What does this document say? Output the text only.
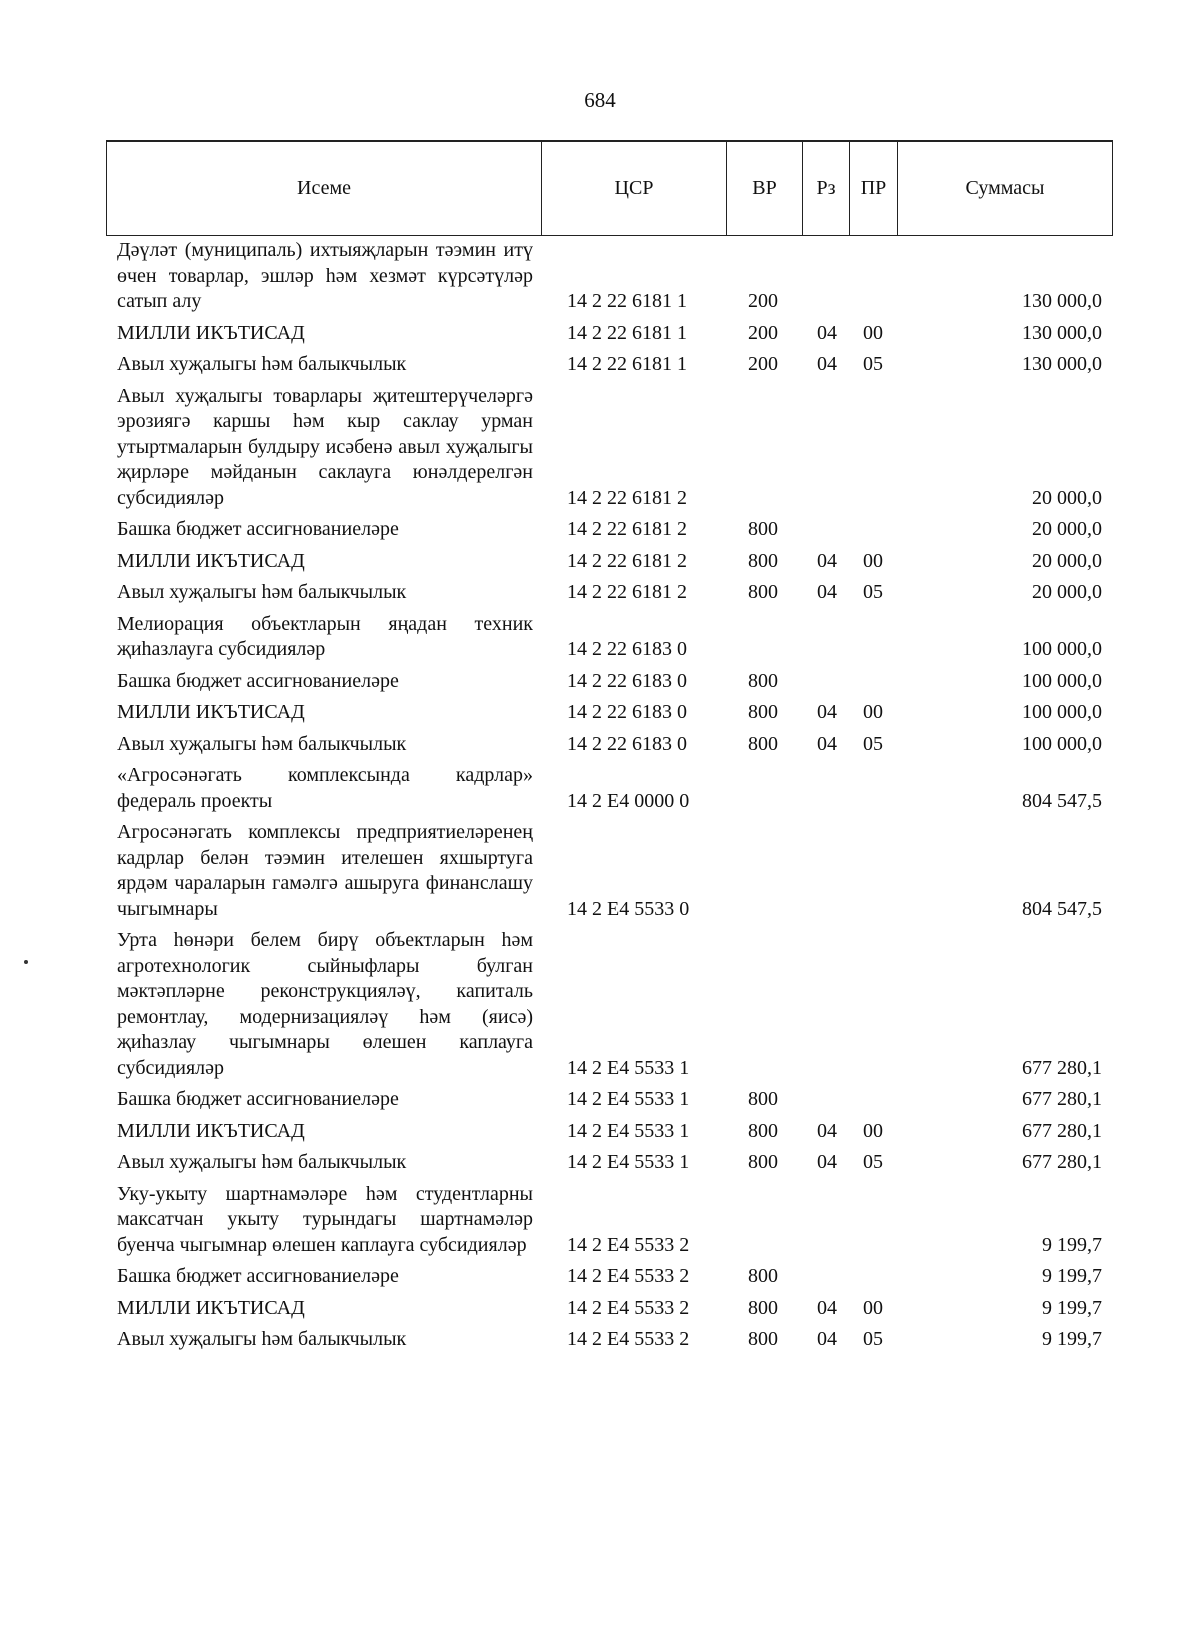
684
Исеме	ЦСР	ВР	Рз	ПР	Суммасы
Дәүләт (муниципаль) ихтыяҗларын тәэмин итү өчен товарлар, эшләр һәм хезмәт күрсәтүләр сатып алу	14 2 22 6181 1	200			130 000,0

МИЛЛИ ИКЪТИСАД	14 2 22 6181 1	200	04	00	130 000,0

Авыл хуҗалыгы һәм балыкчылык	14 2 22 6181 1	200	04	05	130 000,0

Авыл хуҗалыгы товарлары җитештерүчеләргә эрозиягә каршы һәм кыр саклау урман утыртмаларын булдыру исәбенә авыл хуҗалыгы җирләре мәйданын саклауга юнәлдерелгән субсидияләр	14 2 22 6181 2				20 000,0

Башка бюджет ассигнованиеләре	14 2 22 6181 2	800			20 000,0

МИЛЛИ ИКЪТИСАД	14 2 22 6181 2	800	04	00	20 000,0

Авыл хуҗалыгы һәм балыкчылык	14 2 22 6181 2	800	04	05	20 000,0

Мелиорация объектларын яңадан техник җиһазлауга субсидияләр	14 2 22 6183 0				100 000,0

Башка бюджет ассигнованиеләре	14 2 22 6183 0	800			100 000,0

МИЛЛИ ИКЪТИСАД	14 2 22 6183 0	800	04	00	100 000,0

Авыл хуҗалыгы һәм балыкчылык	14 2 22 6183 0	800	04	05	100 000,0

«Агросәнәгать комплексында кадрлар» федераль проекты	14 2 E4 0000 0				804 547,5

Агросәнәгать комплексы предприятиеләренең кадрлар белән тәэмин ителешен яхшыртуга ярдәм чараларын гамәлгә ашыруга финанслашу чыгымнары	14 2 E4 5533 0				804 547,5

Урта һөнәри белем бирү объектларын һәм агротехнологик сыйныфлары булган мәктәпләрне реконструкцияләү, капиталь ремонтлау, модернизацияләү һәм (яисә) җиһазлау чыгымнары өлешен каплауга субсидияләр	14 2 E4 5533 1				677 280,1

Башка бюджет ассигнованиеләре	14 2 E4 5533 1	800			677 280,1

МИЛЛИ ИКЪТИСАД	14 2 E4 5533 1	800	04	00	677 280,1

Авыл хуҗалыгы һәм балыкчылык	14 2 E4 5533 1	800	04	05	677 280,1

Уку-укыту шартнамәләре һәм студентларны максатчан укыту турындагы шартнамәләр буенча чыгымнар өлешен каплауга субсидияләр	14 2 E4 5533 2				9 199,7

Башка бюджет ассигнованиеләре	14 2 E4 5533 2	800			9 199,7

МИЛЛИ ИКЪТИСАД	14 2 E4 5533 2	800	04	00	9 199,7

Авыл хуҗалыгы һәм балыкчылык	14 2 E4 5533 2	800	04	05	9 199,7
